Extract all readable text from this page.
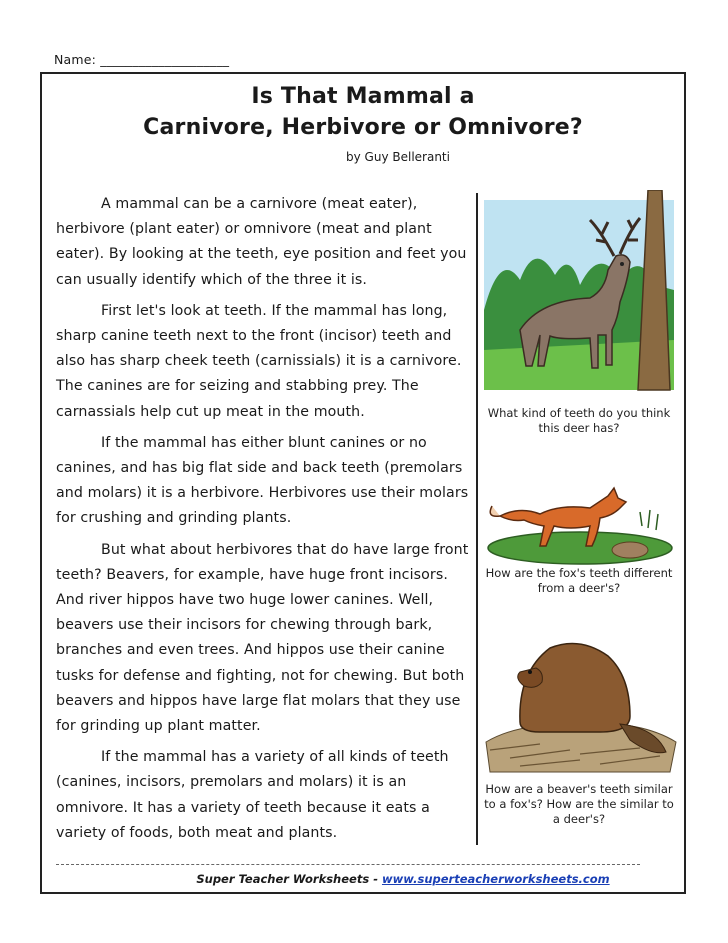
Name: ____________________
Is That Mammal a
Carnivore, Herbivore or Omnivore?
by Guy Belleranti

A mammal can be a carnivore (meat eater), herbivore (plant eater) or omnivore (meat and plant eater). By looking at the teeth, eye position and feet you can usually identify which of the three it is.

First let's look at teeth. If the mammal has long, sharp canine teeth next to the front (incisor) teeth and also has sharp cheek teeth (carnissials) it is a carnivore. The canines are for seizing and stabbing prey. The carnassials help cut up meat in the mouth.

If the mammal has either blunt canines or no canines, and has big flat side and back teeth (premolars and molars) it is a herbivore. Herbivores use their molars for crushing and grinding plants.

But what about herbivores that do have large front teeth? Beavers, for example, have huge front incisors. And river hippos have two huge lower canines. Well, beavers use their incisors for chewing through bark, branches and even trees. And hippos use their canine tusks for defense and fighting, not for chewing. But both beavers and hippos have large flat molars that they use for grinding up plant matter.

If the mammal has a variety of all kinds of teeth (canines, incisors, premolars and molars) it is an omnivore. It has a variety of teeth because it eats a variety of foods, both meat and plants.

What kind of teeth do you think this deer has?
How are the fox's teeth different from a deer's?
How are a beaver's teeth similar to a fox's? How are the similar to a deer's?
Super Teacher Worksheets - www.superteacherworksheets.com
